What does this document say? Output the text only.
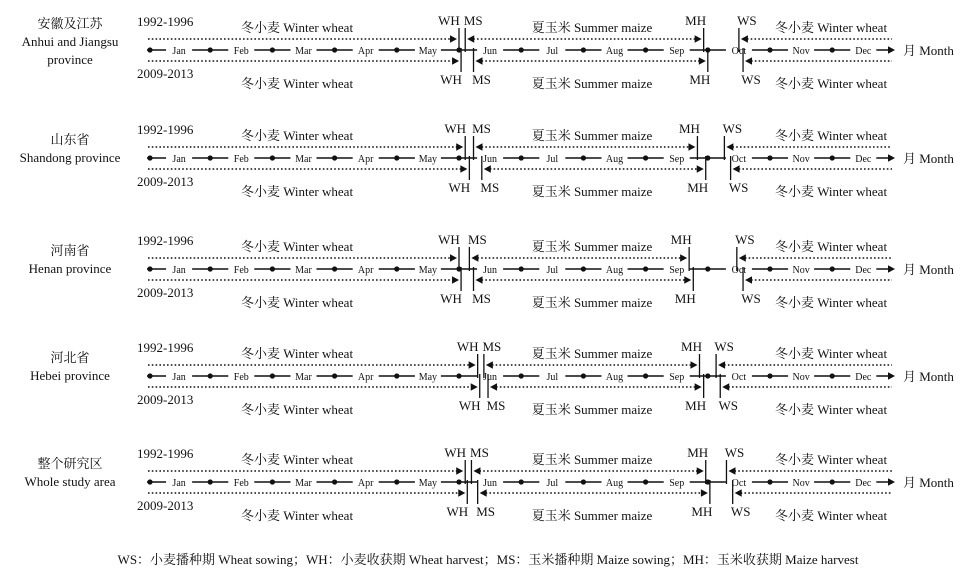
安徽及江苏
Anhui and Jiangsu
province
1992-1996
2009-2013
Jan	Feb	Mar	Apr	May	Jun	Jul	Aug	Sep	Oct	Nov	Dec 月 Month
WH MS	MH WS
冬小麦 Winter wheat	夏玉米 Summer maize	冬小麦 Winter wheat
WH MS	MH WS
冬小麦 Winter wheat	夏玉米 Summer maize	冬小麦 Winter wheat
山东省
Shandong province
1992-1996
2009-2013
Jan	Feb	Mar	Apr	May	Jun	Jul	Aug	Sep	Oct	Nov	Dec 月 Month
WH MS	MH WS
冬小麦 Winter wheat	夏玉米 Summer maize	冬小麦 Winter wheat
WH MS	MH WS
冬小麦 Winter wheat	夏玉米 Summer maize	冬小麦 Winter wheat
河南省
Henan province
1992-1996
2009-2013
Jan	Feb	Mar	Apr	May	Jun	Jul	Aug	Sep	Oct	Nov	Dec 月 Month
WH MS	MH	WS
冬小麦 Winter wheat	夏玉米 Summer maize	冬小麦 Winter wheat
WH MS	MH	WS
冬小麦 Winter wheat	夏玉米 Summer maize	冬小麦 Winter wheat
河北省
Hebei province
1992-1996
2009-2013
Jan	Feb	Mar	Apr	May	Jun	Jul	Aug	Sep	Oct	Nov	Dec 月 Month
WH MS	MH WS
冬小麦 Winter wheat	夏玉米 Summer maize	冬小麦 Winter wheat
WH MS	MH WS
冬小麦 Winter wheat	夏玉米 Summer maize	冬小麦 Winter wheat
整个研究区
Whole study area
1992-1996
2009-2013
Jan	Feb	Mar	Apr	May	Jun	Jul	Aug	Sep	Oct	Nov	Dec 月 Month
WH MS	MH WS
冬小麦 Winter wheat	夏玉米 Summer maize	冬小麦 Winter wheat
WH MS	MH WS
冬小麦 Winter wheat	夏玉米 Summer maize	冬小麦 Winter wheat
WS：小麦播种期 Wheat sowing；WH：小麦收获期 Wheat harvest；MS：玉米播种期 Maize sowing；MH：玉米收获期 Maize harvest
